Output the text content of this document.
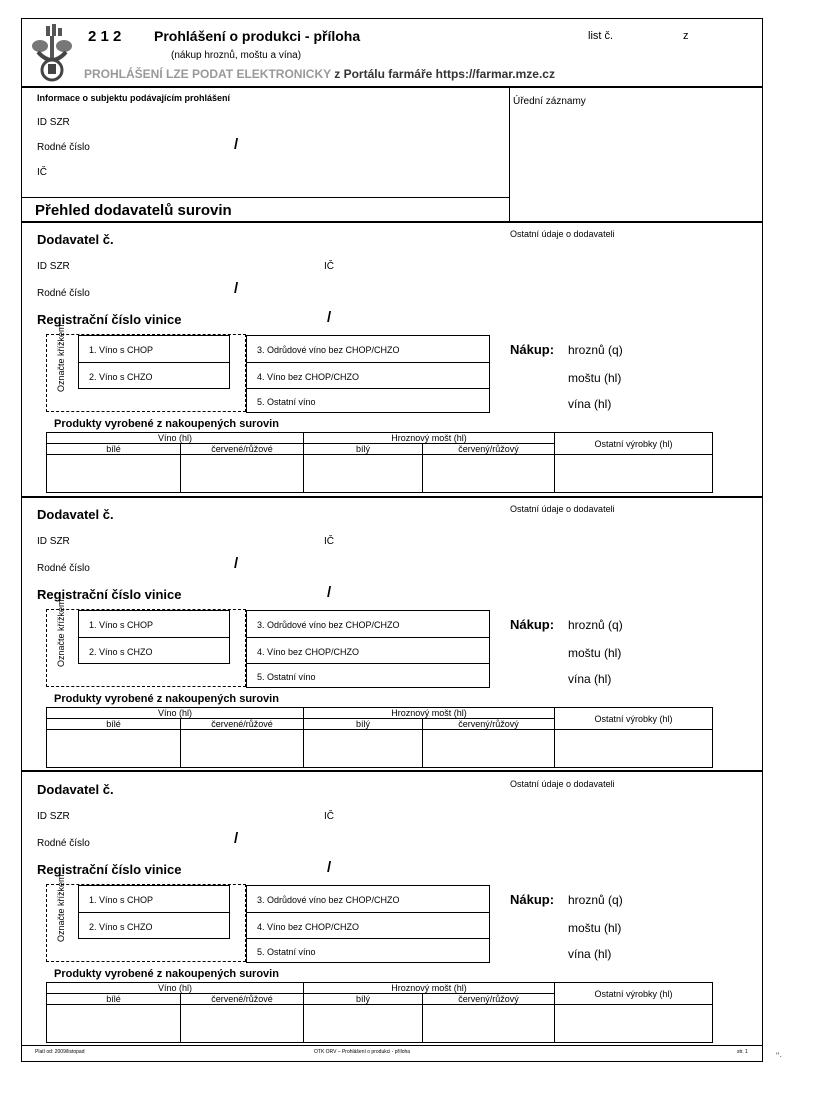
2 1 2 Prohlášení o produkci - příloha
(nákup hroznů, moštu a vína)
list č.	z
PROHLÁŠENÍ LZE PODAT ELEKTRONICKY z Portálu farmáře https://farmar.mze.cz
Informace o subjektu podávajícím prohlášení
ID SZR
Rodné číslo	/
IČ
Úřední záznamy
Přehled dodavatelů surovin
Dodavatel č.	Ostatní údaje o dodavateli
ID SZR	IČ
Rodné číslo	/
Registrační číslo vinice	/
Označte křížkem	1. Víno s CHOP
2. Víno s CHZO
3. Odrůdové víno bez CHOP/CHZO
4. Víno bez CHOP/CHZO
5. Ostatní víno
Nákup: hroznů (q)
moštu (hl)
vína (hl)
Produkty vyrobené z nakoupených surovin
Víno (hl)		Hroznový mošt (hl)		Ostatní výrobky (hl)
bílé	červené/růžové	bílý	červený/růžový	

Dodavatel č.	Ostatní údaje o dodavateli
ID SZR	IČ
Rodné číslo	/
Registrační číslo vinice	/
Označte křížkem	1. Víno s CHOP
2. Víno s CHZO
3. Odrůdové víno bez CHOP/CHZO
4. Víno bez CHOP/CHZO
5. Ostatní víno
Nákup: hroznů (q)
moštu (hl)
vína (hl)
Produkty vyrobené z nakoupených surovin
Víno (hl)		Hroznový mošt (hl)		Ostatní výrobky (hl)
bílé	červené/růžové	bílý	červený/růžový	

Dodavatel č.	Ostatní údaje o dodavateli
ID SZR	IČ
Rodné číslo	/
Registrační číslo vinice	/
Označte křížkem	1. Víno s CHOP
2. Víno s CHZO
3. Odrůdové víno bez CHOP/CHZO
4. Víno bez CHOP/CHZO
5. Ostatní víno
Nákup: hroznů (q)
moštu (hl)
vína (hl)
Produkty vyrobené z nakoupených surovin
Víno (hl)		Hroznový mošt (hl)		Ostatní výrobky (hl)
bílé	červené/růžové	bílý	červený/růžový	

Platí od: 2009/listopad	OTK ORV – Prohlášení o produkci - příloha	str. 1	"·
